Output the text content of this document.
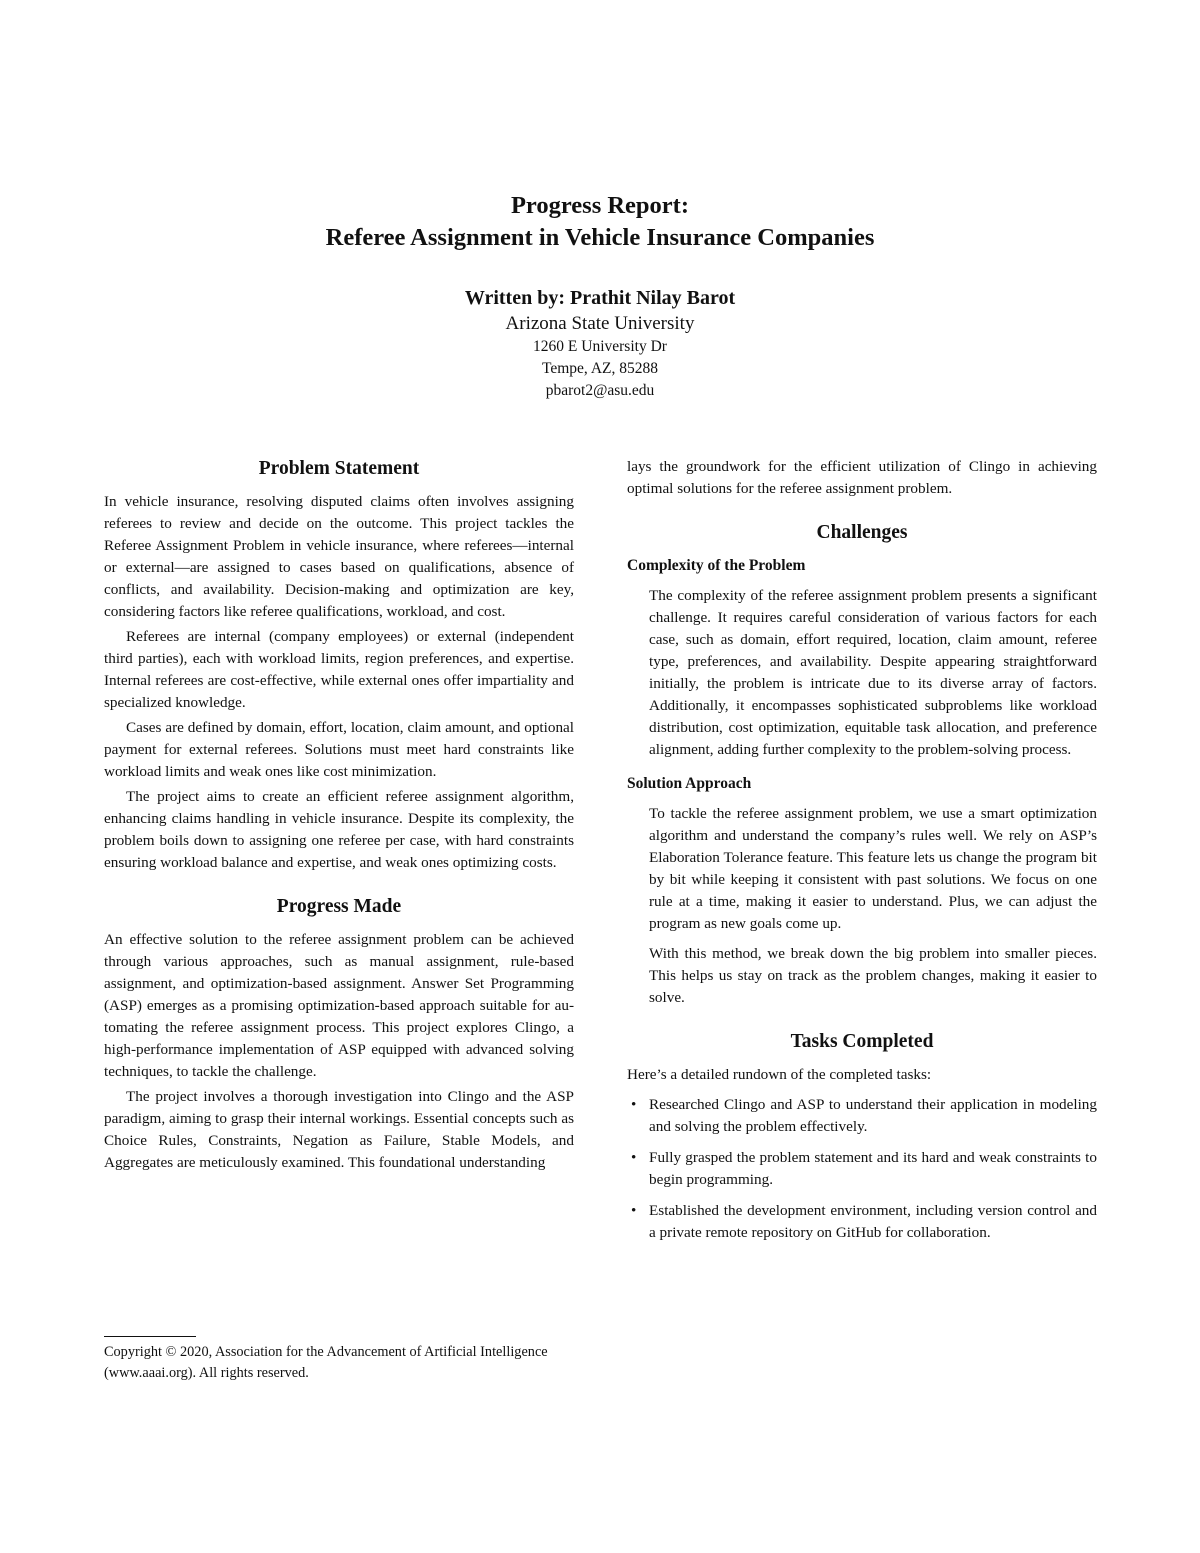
Progress Report:
Referee Assignment in Vehicle Insurance Companies
Written by: Prathit Nilay Barot
Arizona State University
1260 E University Dr
Tempe, AZ, 85288
pbarot2@asu.edu
Problem Statement

In vehicle insurance, resolving disputed claims often involves assigning referees to review and decide on the outcome. This project tackles the Referee Assignment Problem in vehicle insurance, where referees—internal or external—are assigned to cases based on qualifications, absence of conflicts, and availability. Decision-making and optimization are key, considering factors like referee qualifications, workload, and cost.

Referees are internal (company employees) or external (independent third parties), each with workload limits, region preferences, and expertise. Internal referees are cost-effective, while external ones offer impartiality and specialized knowledge.

Cases are defined by domain, effort, location, claim amount, and optional payment for external referees. Solutions must meet hard constraints like workload limits and weak ones like cost minimization.

The project aims to create an efficient referee assignment algorithm, enhancing claims handling in vehicle insurance. Despite its complexity, the problem boils down to assigning one referee per case, with hard constraints ensuring workload balance and expertise, and weak ones optimizing costs.

Progress Made

An effective solution to the referee assignment problem can be achieved through various approaches, such as manual assignment, rule-based assignment, and optimization-based assignment. Answer Set Programming (ASP) emerges as a promising optimization-based approach suitable for automating the referee assignment process. This project explores Clingo, a high-performance implementation of ASP equipped with advanced solving techniques, to tackle the challenge.

The project involves a thorough investigation into Clingo and the ASP paradigm, aiming to grasp their internal workings. Essential concepts such as Choice Rules, Constraints, Negation as Failure, Stable Models, and Aggregates are meticulously examined. This foundational understanding

Copyright © 2020, Association for the Advancement of Artificial Intelligence (www.aaai.org). All rights reserved.

lays the groundwork for the efficient utilization of Clingo in achieving optimal solutions for the referee assignment problem.

Challenges
Complexity of the Problem

The complexity of the referee assignment problem presents a significant challenge. It requires careful consideration of various factors for each case, such as domain, effort required, location, claim amount, referee type, preferences, and availability. Despite appearing straightforward initially, the problem is intricate due to its diverse array of factors. Additionally, it encompasses sophisticated subproblems like workload distribution, cost optimization, equitable task allocation, and preference alignment, adding further complexity to the problem-solving process.

Solution Approach

To tackle the referee assignment problem, we use a smart optimization algorithm and understand the company’s rules well. We rely on ASP’s Elaboration Tolerance feature. This feature lets us change the program bit by bit while keeping it consistent with past solutions. We focus on one rule at a time, making it easier to understand. Plus, we can adjust the program as new goals come up.

With this method, we break down the big problem into smaller pieces. This helps us stay on track as the problem changes, making it easier to solve.

Tasks Completed

Here’s a detailed rundown of the completed tasks:

• Researched Clingo and ASP to understand their application in modeling and solving the problem effectively.
• Fully grasped the problem statement and its hard and weak constraints to begin programming.
• Established the development environment, including version control and a private remote repository on GitHub for collaboration.
